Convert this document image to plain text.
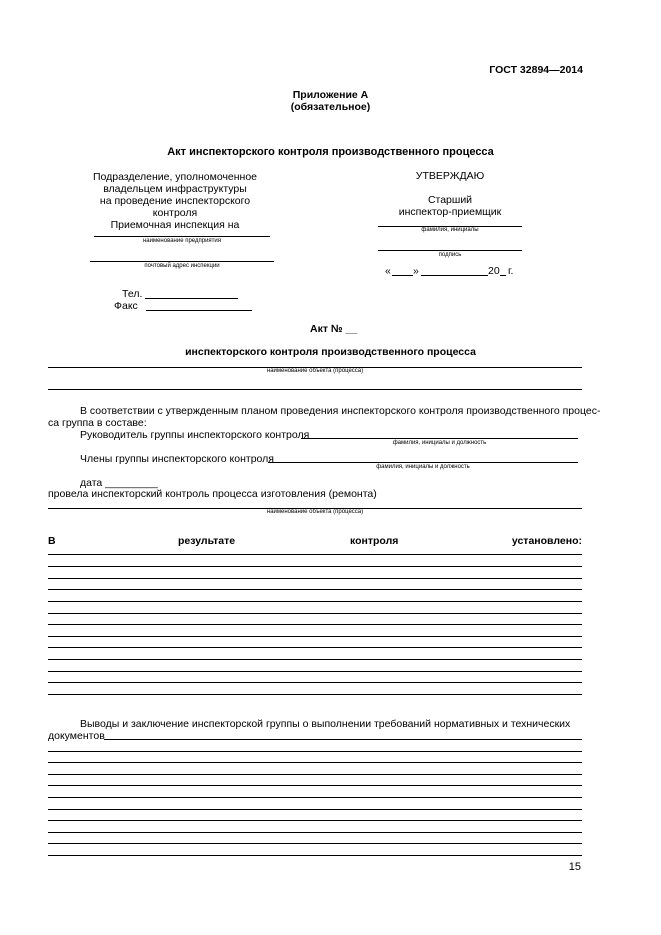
ГОСТ 32894—2014
Приложение А
(обязательное)
Акт инспекторского контроля производственного процесса
Подразделение, уполномоченное
владельцем инфраструктуры
на проведение инспекторского
контроля
Приемочная инспекция на
наименование предприятия
почтовый адрес инспекции
Тел.
Факс
УТВЕРЖДАЮ
Старший
инспектор-приемщик
фамилия, инициалы
подпись
« »	20 г.
Акт № __
инспекторского контроля производственного процесса
наименование объекта (процесса)
В соответствии с утвержденным планом проведения инспекторского контроля производственного процес-
са группа в составе:
Руководитель группы инспекторского контроля
фамилия, инициалы и должность
Члены группы инспекторского контроля
фамилия, инициалы и должность
дата _________
провела инспекторский контроль процесса изготовления (ремонта)
наименование объекта (процесса)
В	результате	контроля	установлено:
Выводы и заключение инспекторской группы о выполнении требований нормативных и технических
документов
15
